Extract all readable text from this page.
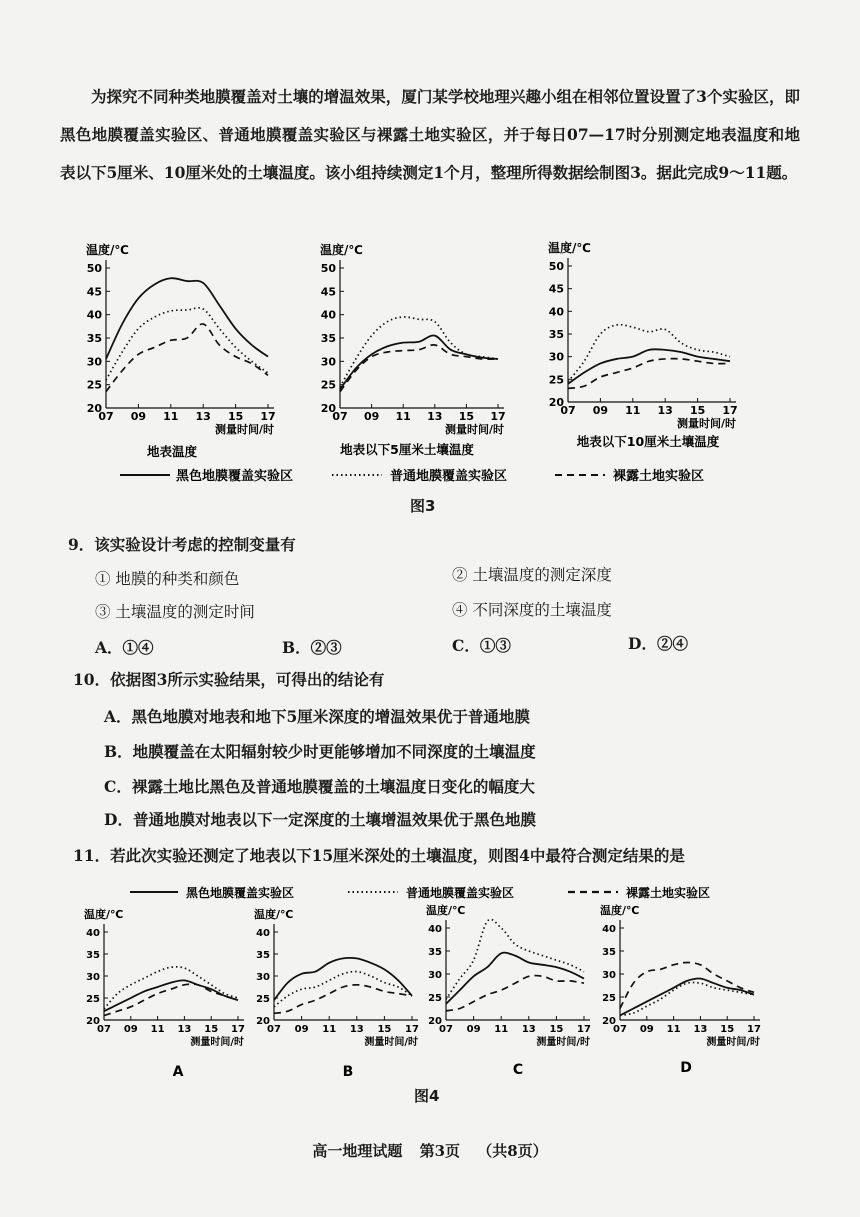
为探究不同种类地膜覆盖对土壤的增温效果，厦门某学校地理兴趣小组在相邻位置设置了3个实验区，即黑色地膜覆盖实验区、普通地膜覆盖实验区与裸露土地实验区，并于每日07—17时分别测定地表温度和地表以下5厘米、10厘米处的土壤温度。该小组持续测定1个月，整理所得数据绘制图3。据此完成9～11题。

温度/℃
20
25
30
35
40
45
50
07 09 11 13 15 17
测量时间/时
地表温度
温度/℃
20
25
30
35
40
45
50
07 09 11 13 15 17
测量时间/时
地表以下5厘米土壤温度
温度/℃
20
25
30
35
40
45
50
07 09 11 13 15 17
测量时间/时
地表以下10厘米土壤温度
黑色地膜覆盖实验区	普通地膜覆盖实验区	裸露土地实验区
图3
9．该实验设计考虑的控制变量有
① 地膜的种类和颜色	② 土壤温度的测定深度
③ 土壤温度的测定时间	④ 不同深度的土壤温度
A．①④	B．②③	C．①③	D．②④
10．依据图3所示实验结果，可得出的结论有
A．黑色地膜对地表和地下5厘米深度的增温效果优于普通地膜
B．地膜覆盖在太阳辐射较少时更能够增加不同深度的土壤温度
C．裸露土地比黑色及普通地膜覆盖的土壤温度日变化的幅度大
D．普通地膜对地表以下一定深度的土壤增温效果优于黑色地膜
11．若此次实验还测定了地表以下15厘米深处的土壤温度，则图4中最符合测定结果的是
黑色地膜覆盖实验区	普通地膜覆盖实验区	裸露土地实验区
温度/℃
20
25
30
35
40
07 09 11 13 15 17
测量时间/时
A
温度/℃
20
25
30
35
40
07 09 11 13 15 17
测量时间/时
B
温度/℃
20
25
30
35
40
07 09 11 13 15 17
测量时间/时
C
温度/℃
20
25
30
35
40
07 09 11 13 15 17
测量时间/时
D
图4
高一地理试题 第3页 （共8页）
